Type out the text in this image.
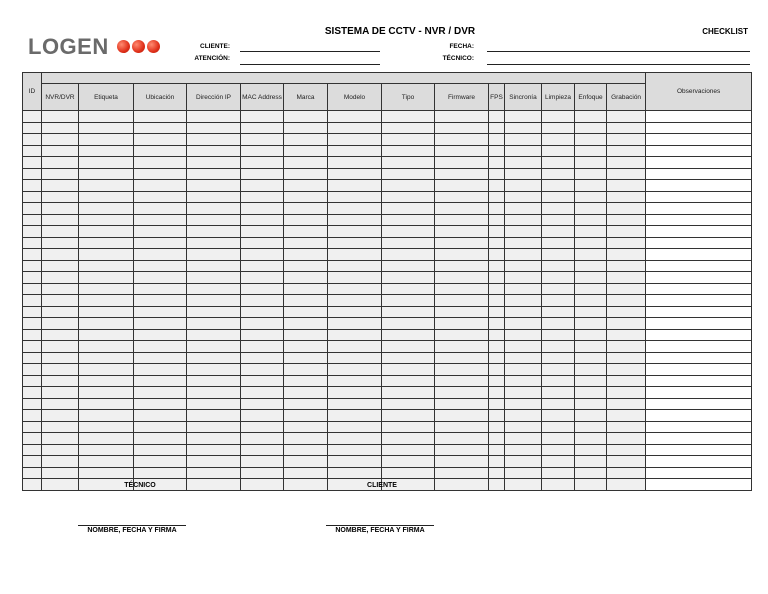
LOGEN
SISTEMA DE CCTV - NVR / DVR	CHECKLIST
CLIENTE:
ATENCIÓN:
FECHA:
TÉCNICO:
ID															Observaciones
	NVR/DVR	Etiqueta	Ubicación	Dirección IP	MAC Address	Marca	Modelo	Tipo	Firmware	FPS	Sincronía	Limpieza	Enfoque	Grabación	

TÉCNICO	CLIENTE
NOMBRE, FECHA Y FIRMA	NOMBRE, FECHA Y FIRMA
